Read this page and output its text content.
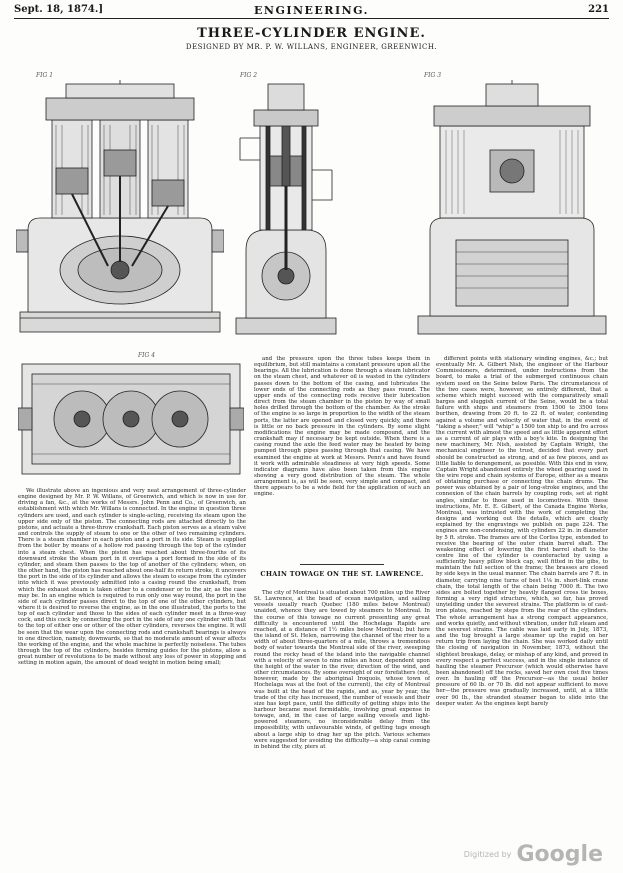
Sept. 18, 1874.]	ENGINEERING.	221
THREE-CYLINDER ENGINE.
DESIGNED BY MR. P. W. WILLANS, ENGINEER, GREENWICH.
FIG 1	FIG 2	FIG 3
FIG 4

We illustrate above an ingenious and very neat arrangement of three-cylinder engine designed by Mr. P. W. Willans, of Greenwich, and which is now in use for driving a fan, &c., at the works of Messrs. John Penn and Co., of Greenwich, an establishment with which Mr. Willans is connected. In the engine in question three cylinders are used, and each cylinder is single-acting, receiving its steam upon the upper side only of the piston. The connecting rods are attached directly to the pistons, and actuate a three-throw crankshaft. Each piston serves as a steam valve and controls the supply of steam to one or the other of two remaining cylinders. There is a steam chamber in each piston and a port in its side. Steam is supplied from the boiler by means of a hollow rod passing through the top of the cylinder into a steam chest. When the piston has reached about three-fourths of its downward stroke the steam port in it overlaps a port formed in the side of its cylinder, and steam then passes to the top of another of the cylinders; when, on the other hand, the piston has reached about one-half its return stroke, it uncovers the port in the side of its cylinder and allows the steam to escape from the cylinder into which it was previously admitted into a casing round the crankshaft, from which the exhaust steam is taken either to a condenser or to the air, as the case may be. In an engine which is required to run only one way round, the port in the side of each cylinder passes direct to the top of one of the other cylinders, but where it is desired to reverse the engine, as in the one illustrated, the ports to the top of each cylinder and those to the sides of each cylinder meet in a three-way cock, and this cock by connecting the port in the side of any one cylinder with that to the top of either one or other of the other cylinders, reverses the engine. It will be seen that the wear upon the connecting rods and crankshaft bearings is always in one direction, namely, downwards, so that no moderate amount of wear affects the working of the engine, and the whole machine is perfectly noiseless. The tubes through the top of the cylinders, besides forming guides for the pistons, allow a great number of revolutions to be made without any loss of power in stopping and setting in motion again, the amount of dead weight in motion being small;

and the pressure upon the three tubes keeps them in equilibrium, but still maintains a constant pressure upon all the bearings. All the lubrication is done through a steam lubricator on the steam chest, and whatever oil is wasted in the cylinders passes down to the bottom of the casing, and lubricates the lower ends of the connecting rods as they pass round. The upper ends of the connecting rods receive their lubrication direct from the steam chamber in the piston by way of small holes drilled through the bottom of the chamber. As the stroke of the engine is so large in proportion to the width of the steam ports, the latter are opened and closed very quickly, and there is little or no back pressure in the cylinders. By some slight modifications the engine may be made compound, and the crankshaft may if necessary be kept outside. When there is a casing round the axle the feed water may be heated by being pumped through pipes passing through that casing. We have examined the engine at work at Messrs. Penn's and have found it work with admirable steadiness at very high speeds. Some indicator diagrams have also been taken from this engine showing a very good distribution of the steam. The whole arrangement is, as will be seen, very simple and compact, and there appears to be a wide field for the application of such an engine.

CHAIN TOWAGE ON THE ST. LAWRENCE.

The city of Montreal is situated about 700 miles up the River St. Lawrence, at the head of ocean navigation, and sailing vessels usually reach Quebec (180 miles below Montreal) unaided, whence they are towed by steamers to Montreal. In the course of this towage no current presenting any great difficulty is encountered until the Hochelaga Rapids are reached, at a distance of 1½ miles below Montreal; but here the island of St. Helen, narrowing the channel of the river to a width of about three-quarters of a mile, throws a tremendous body of water towards the Montreal side of the river, sweeping round the rocky head of the island into the navigable channel with a velocity of seven to nine miles an hour, dependent upon the height of the water in the river, direction of the wind, and other circumstances. By some oversight of our forefathers (not, however, made by the aboriginal Iroquois, whose town of Hochelaga was at the foot of the current), the city of Montreal was built at the head of the rapids, and as, year by year, the trade of the city has increased, the number of vessels and their size has kept pace, until the difficulty of getting ships into the harbour became most formidable, involving great expense in towage, and, in the case of large sailing vessels and light-powered steamers, no inconsiderable delay from the impossibility, with unfavourable winds, of getting tugs enough about a large ship to drag her up the pitch. Various schemes were suggested for avoiding the difficulty—a ship canal coming in behind the city, piers at

different points with stationary winding engines, &c.; but eventually Mr. A. Gilbert Nish, the engineer of the Harbour Commissioners, determined, under instructions from the board, to make a trial of the submerged continuous chain system used on the Seine below Paris. The circumstances of the two cases were, however, so entirely different, that a scheme which might succeed with the comparatively small barges and sluggish current of the Seine, would be a total failure with ships and steamers from 1500 to 3500 tons burthen, drawing from 20 ft. to 22 ft. of water, contending against a volume and velocity of water that, in the event of "taking a sheer," will "whip" a 1500 ton ship to and fro across the current with almost the speed and as little apparent effort as a current of air plays with a boy's kite. In designing the new machinery, Mr. Nish, assisted by Captain Wright, the mechanical engineer to the trust, decided that every part should be constructed as strong, and of as few pieces, and as little liable to derangement, as possible. With this end in view, Captain Wright abandoned entirely the wheel gearing used in the wire rope and chain systems of Europe, either as a means of obtaining purchase or connecting the chain drums. The power was obtained by a pair of long-stroke engines, and the connexion of the chain barrels by coupling rods, set at right angles, similar to those used in locomotives. With these instructions, Mr. E. E. Gilbert, of the Canada Engine Works, Montreal, was intrusted with the work of completing the designs and working out the details, which are clearly explained by the engravings we publish on page 224. The engines are non-condensing, with cylinders 22 in. in diameter by 5 ft. stroke. The frames are of the Corliss type, extended to receive the bearing of the outer chain barrel shaft. The weakening effect of lowering the first barrel shaft to the centre line of the cylinder is counteracted by using a sufficiently heavy pillow block cap, well fitted in the gibs, to maintain the full section of the frame; the brasses are closed by side keys in the usual manner. The chain barrels are 7 ft. in diameter, carrying nine turns of best 1⅛ in. short-link crane chain, the total length of the chain being 7000 ft. The two sides are bolted together by heavily flanged cross tie boxes, forming a very rigid structure, which, so far, has proved unyielding under the severest strains. The platform is of cast-iron plates, reached by steps from the rear of the cylinders. The whole arrangement has a strong compact appearance, and works quietly, and without vibration, under full steam and the severest strains. The cable was laid early in July, 1873, and the tug brought a large steamer up the rapid on her return trip from laying the chain. She was worked daily until the closing of navigation in November, 1873, without the slightest breakage, delay, or mishap of any kind, and proved in every respect a perfect success, and in the single instance of hauling the steamer Precursor (which would otherwise have been abandoned) off the rocks, saved her own cost five times over. In hauling off the Precursor—as the usual boiler pressure of 60 lb. or 70 lb. did not appear sufficient to move her—the pressure was gradually increased, until, at a little over 90 lb., the stranded steamer began to slide into the deeper water. As the engines kept barely

Digitized by Google
